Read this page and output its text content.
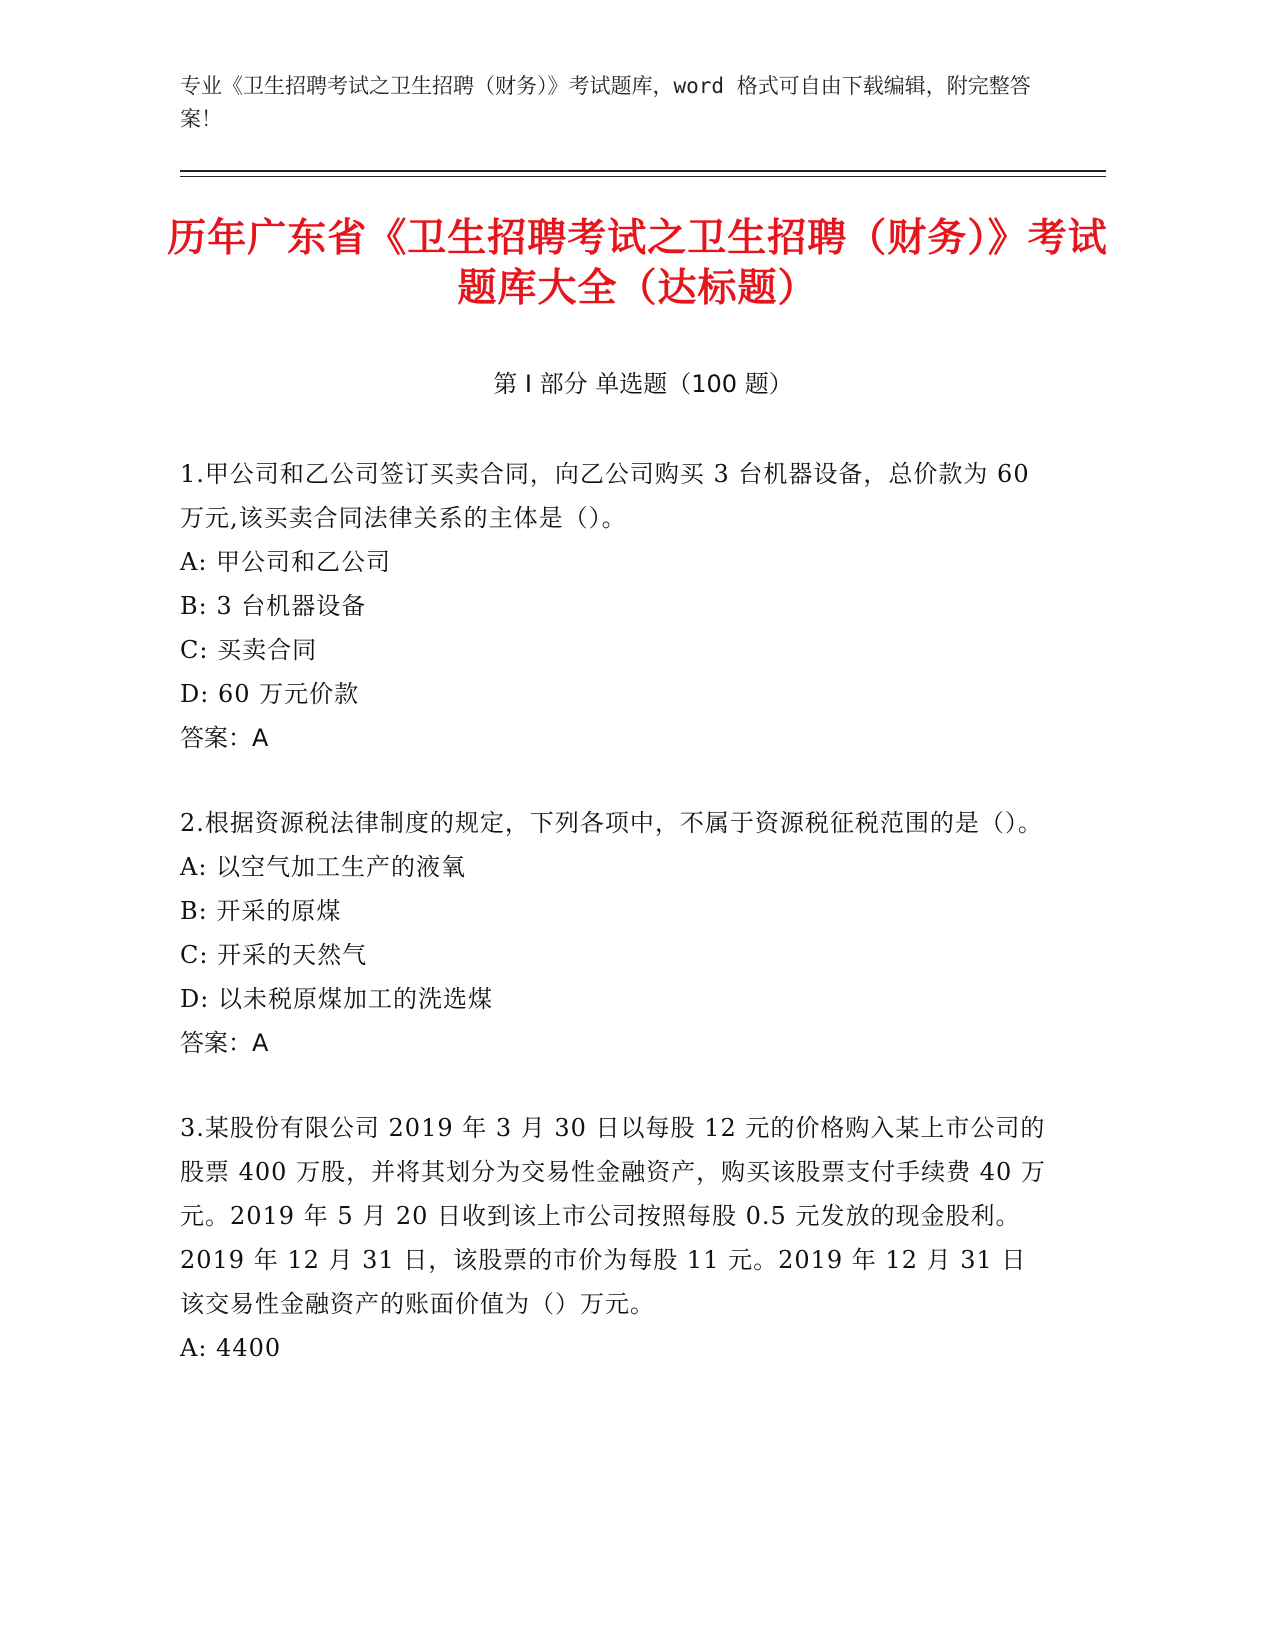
专业《卫生招聘考试之卫生招聘（财务）》考试题库，word 格式可自由下载编辑，附完整答案！
历年广东省《卫生招聘考试之卫生招聘（财务）》考试题库大全（达标题）
第 I 部分 单选题（100 题）
1.甲公司和乙公司签订买卖合同，向乙公司购买 3 台机器设备，总价款为 60 万元,该买卖合同法律关系的主体是（）。
A: 甲公司和乙公司
B: 3 台机器设备
C: 买卖合同
D: 60 万元价款
答案：A
2.根据资源税法律制度的规定，下列各项中，不属于资源税征税范围的是（）。
A: 以空气加工生产的液氧
B: 开采的原煤
C: 开采的天然气
D: 以未税原煤加工的洗选煤
答案：A
3.某股份有限公司 2019 年 3 月 30 日以每股 12 元的价格购入某上市公司的股票 400 万股，并将其划分为交易性金融资产，购买该股票支付手续费 40 万元。2019 年 5 月 20 日收到该上市公司按照每股 0.5 元发放的现金股利。2019 年 12 月 31 日，该股票的市价为每股 11 元。2019 年 12 月 31 日该交易性金融资产的账面价值为（）万元。
A: 4400
